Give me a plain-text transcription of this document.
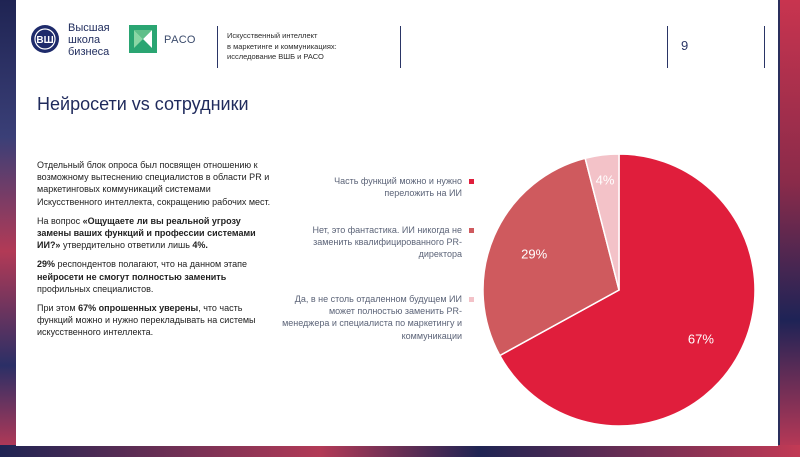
ВШ
Высшая
школа
бизнеса
РАСО	Искусственный интеллект
в маркетинге и коммуникациях:
исследование ВШБ и РАСО
9
Нейросети vs сотрудники

Отдельный блок опроса был посвящен отношению к возможному вытеснению специалистов в области PR и маркетинговых коммуникаций системами Искусственного интеллекта, сокращению рабочих мест.

На вопрос «Ощущаете ли вы реальной угрозу замены ваших функций и профессии системами ИИ?» утвердительно ответили лишь 4%.

29% респондентов полагают, что на данном этапе нейросети не смогут полностью заменить профильных специалистов.

При этом 67% опрошенных уверены, что часть функций можно и нужно перекладывать на системы искусственного интеллекта.

Часть функций можно и нужно переложить на ИИ
Нет, это фантастика. ИИ никогда не заменить квалифицированного PR-директора
Да, в не столь отдаленном будущем ИИ может полностью заменить PR-менеджера и специалиста по маркетингу и коммуникации	67%
29%
4%
